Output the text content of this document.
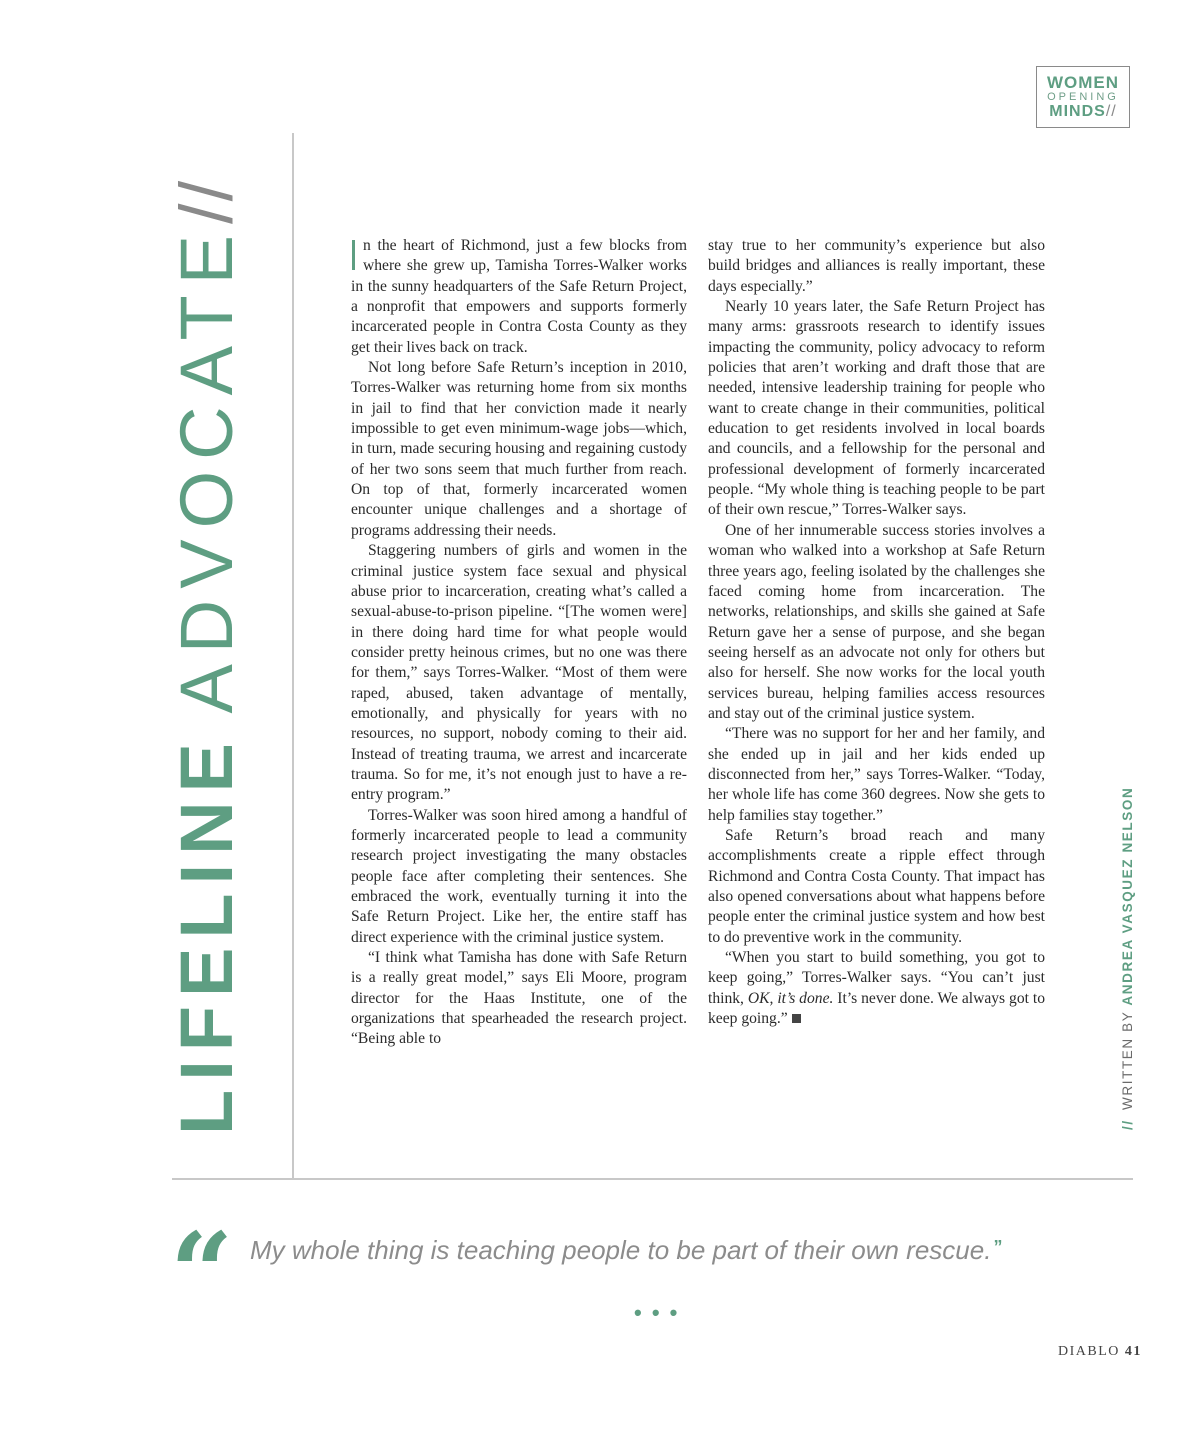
WOMEN
OPENING
MINDS//
LIFELINE ADVOCATE//

n the heart of Richmond, just a few blocks from where she grew up, Tamisha Torres-Walker works in the sunny headquarters of the Safe Return Project, a nonprofit that empowers and supports formerly incarcerated people in Contra Costa County as they get their lives back on track.

Not long before Safe Return’s inception in 2010, Torres-Walker was returning home from six months in jail to find that her conviction made it nearly impossible to get even minimum-wage jobs—which, in turn, made securing housing and regaining custody of her two sons seem that much further from reach. On top of that, formerly incarcerated women encounter unique challenges and a shortage of programs addressing their needs.

Staggering numbers of girls and women in the criminal justice system face sexual and physical abuse prior to incarceration, creating what’s called a sexual-abuse-to-prison pipeline. “[The women were] in there doing hard time for what people would consider pretty heinous crimes, but no one was there for them,” says Torres-Walker. “Most of them were raped, abused, taken advantage of mentally, emotionally, and physically for years with no resources, no support, nobody coming to their aid. Instead of treating trauma, we arrest and incarcerate trauma. So for me, it’s not enough just to have a re-entry program.”

Torres-Walker was soon hired among a handful of formerly incarcerated people to lead a community research project investigating the many obstacles people face after completing their sentences. She embraced the work, eventually turning it into the Safe Return Project. Like her, the entire staff has direct experience with the criminal justice system.

“I think what Tamisha has done with Safe Return is a really great model,” says Eli Moore, program director for the Haas Institute, one of the organizations that spearheaded the research project. “Being able to

stay true to her community’s experience but also build bridges and alliances is really important, these days especially.”

Nearly 10 years later, the Safe Return Project has many arms: grassroots research to identify issues impacting the community, policy advocacy to reform policies that aren’t working and draft those that are needed, intensive leadership training for people who want to create change in their communities, political education to get residents involved in local boards and councils, and a fellowship for the personal and professional development of formerly incarcerated people. “My whole thing is teaching people to be part of their own rescue,” Torres-Walker says.

One of her innumerable success stories involves a woman who walked into a workshop at Safe Return three years ago, feeling isolated by the challenges she faced coming home from incarceration. The networks, relationships, and skills she gained at Safe Return gave her a sense of purpose, and she began seeing herself as an advocate not only for others but also for herself. She now works for the local youth services bureau, helping families access resources and stay out of the criminal justice system.

“There was no support for her and her family, and she ended up in jail and her kids ended up disconnected from her,” says Torres-Walker. “Today, her whole life has come 360 degrees. Now she gets to help families stay together.”

Safe Return’s broad reach and many accomplishments create a ripple effect through Richmond and Contra Costa County. That impact has also opened conversations about what happens before people enter the criminal justice system and how best to do preventive work in the community.

“When you start to build something, you got to keep going,” Torres-Walker says. “You can’t just think, OK, it’s done. It’s never done. We always got to keep going.”

// WRITTEN BY ANDREA VASQUEZ NELSON
“ My whole thing is teaching people to be part of their own rescue. ”
• • •
DIABLO 41
